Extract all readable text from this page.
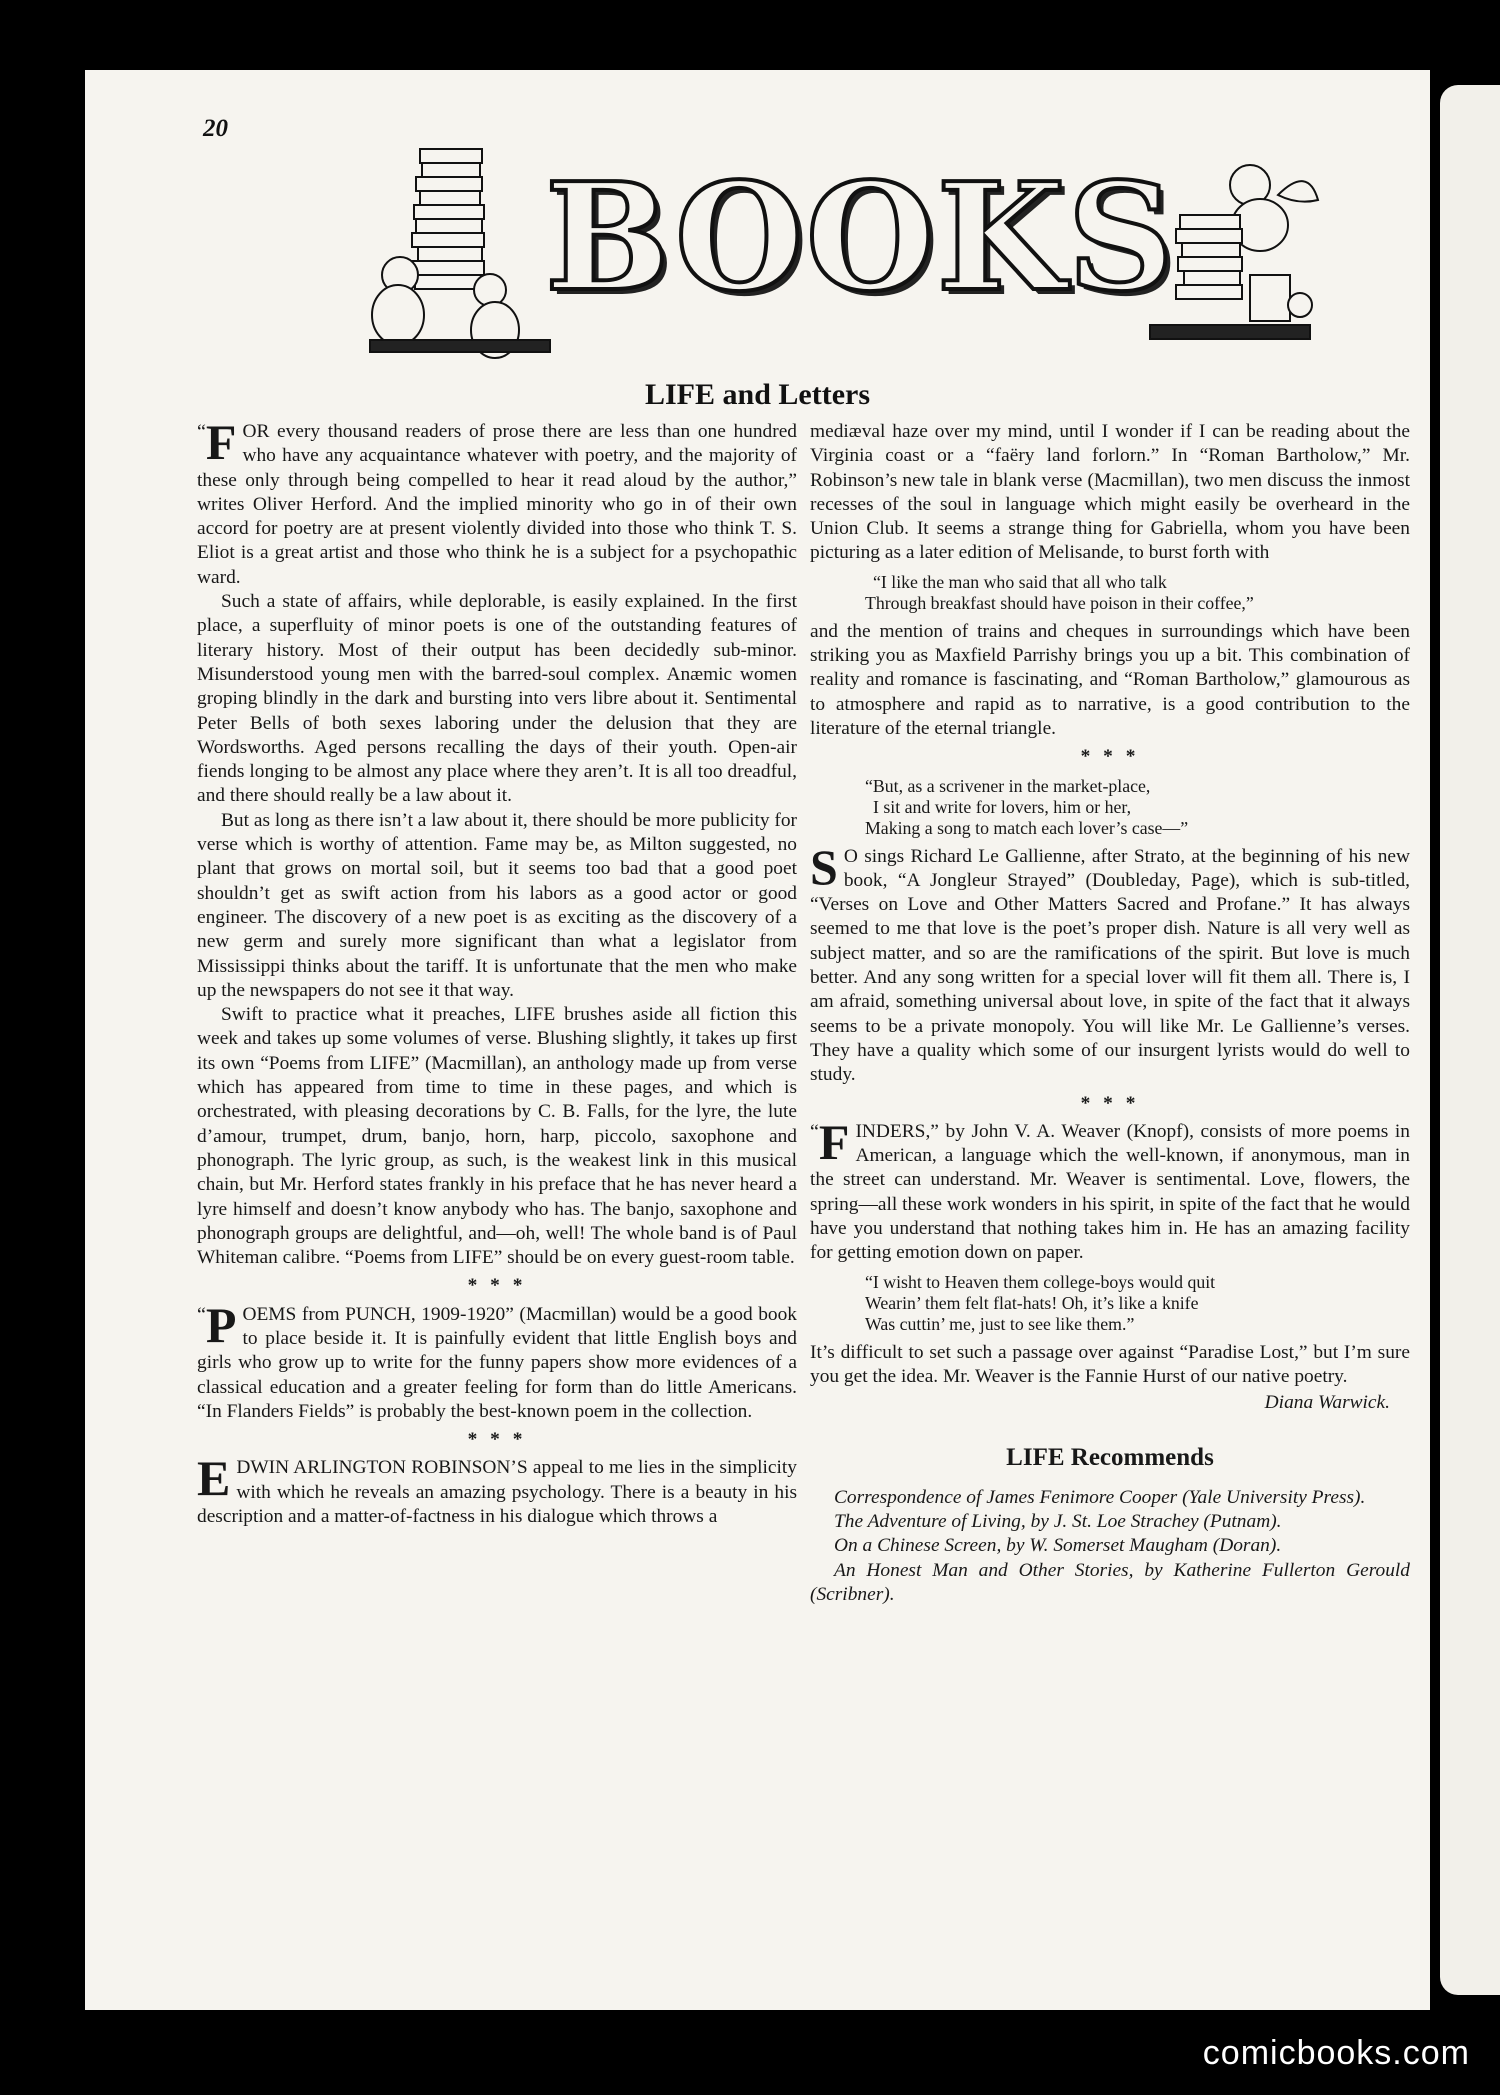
20
BOOKS
LIFE and Letters

“ F OR every thousand readers of prose there are less than one hundred who have any acquaintance whatever with poetry, and the majority of these only through being compelled to hear it read aloud by the author,” writes Oliver Herford. And the implied minority who go in of their own accord for poetry are at present violently divided into those who think T. S. Eliot is a great artist and those who think he is a subject for a psychopathic ward.

Such a state of affairs, while deplorable, is easily explained. In the first place, a superfluity of minor poets is one of the outstanding features of literary history. Most of their output has been decidedly sub-minor. Misunderstood young men with the barred-soul complex. Anæmic women groping blindly in the dark and bursting into vers libre about it. Sentimental Peter Bells of both sexes laboring under the delusion that they are Wordsworths. Aged persons recalling the days of their youth. Open-air fiends longing to be almost any place where they aren’t. It is all too dreadful, and there should really be a law about it.

But as long as there isn’t a law about it, there should be more publicity for verse which is worthy of attention. Fame may be, as Milton suggested, no plant that grows on mortal soil, but it seems too bad that a good poet shouldn’t get as swift action from his labors as a good actor or good engineer. The discovery of a new poet is as exciting as the discovery of a new germ and surely more significant than what a legislator from Mississippi thinks about the tariff. It is unfortunate that the men who make up the newspapers do not see it that way.

Swift to practice what it preaches, LIFE brushes aside all fiction this week and takes up some volumes of verse. Blushing slightly, it takes up first its own “Poems from LIFE” (Macmillan), an anthology made up from verse which has appeared from time to time in these pages, and which is orchestrated, with pleasing decorations by C. B. Falls, for the lyre, the lute d’amour, trumpet, drum, banjo, horn, harp, piccolo, saxophone and phonograph. The lyric group, as such, is the weakest link in this musical chain, but Mr. Herford states frankly in his preface that he has never heard a lyre himself and doesn’t know anybody who has. The banjo, saxophone and phonograph groups are delightful, and—oh, well! The whole band is of Paul Whiteman calibre. “Poems from LIFE” should be on every guest-room table.

* * *

“ P OEMS from PUNCH, 1909-1920” (Macmillan) would be a good book to place beside it. It is painfully evident that little English boys and girls who grow up to write for the funny papers show more evidences of a classical education and a greater feeling for form than do little Americans. “In Flanders Fields” is probably the best-known poem in the collection.

* * *

EDWIN ARLINGTON ROBINSON’S appeal to me lies in the simplicity with which he reveals an amazing psychology. There is a beauty in his description and a matter-of-factness in his dialogue which throws a

mediæval haze over my mind, until I wonder if I can be reading about the Virginia coast or a “faëry land forlorn.” In “Roman Bartholow,” Mr. Robinson’s new tale in blank verse (Macmillan), two men discuss the inmost recesses of the soul in language which might easily be overheard in the Union Club. It seems a strange thing for Gabriella, whom you have been picturing as a later edition of Melisande, to burst forth with

“I like the man who said that all who talk
Through breakfast should have poison in their coffee,”

and the mention of trains and cheques in surroundings which have been striking you as Maxfield Parrishy brings you up a bit. This combination of reality and romance is fascinating, and “Roman Bartholow,” glamourous as to atmosphere and rapid as to narrative, is a good contribution to the literature of the eternal triangle.

* * *
“But, as a scrivener in the market-place,
I sit and write for lovers, him or her,
Making a song to match each lover’s case—”

S O sings Richard Le Gallienne, after Strato, at the beginning of his new book, “A Jongleur Strayed” (Doubleday, Page), which is sub-titled, “Verses on Love and Other Matters Sacred and Profane.” It has always seemed to me that love is the poet’s proper dish. Nature is all very well as subject matter, and so are the ramifications of the spirit. But love is much better. And any song written for a special lover will fit them all. There is, I am afraid, something universal about love, in spite of the fact that it always seems to be a private monopoly. You will like Mr. Le Gallienne’s verses. They have a quality which some of our insurgent lyrists would do well to study.

* * *

“ F INDERS,” by John V. A. Weaver (Knopf), consists of more poems in American, a language which the well-known, if anonymous, man in the street can understand. Mr. Weaver is sentimental. Love, flowers, the spring—all these work wonders in his spirit, in spite of the fact that he would have you understand that nothing takes him in. He has an amazing facility for getting emotion down on paper.

“I wisht to Heaven them college-boys would quit
Wearin’ them felt flat-hats! Oh, it’s like a knife
Was cuttin’ me, just to see like them.”

It’s difficult to set such a passage over against “Paradise Lost,” but I’m sure you get the idea. Mr. Weaver is the Fannie Hurst of our native poetry.

Diana Warwick.
LIFE Recommends

Correspondence of James Fenimore Cooper (Yale University Press).

The Adventure of Living, by J. St. Loe Strachey (Putnam).

On a Chinese Screen, by W. Somerset Maugham (Doran).

An Honest Man and Other Stories, by Katherine Fullerton Gerould (Scribner).

comicbooks.com
